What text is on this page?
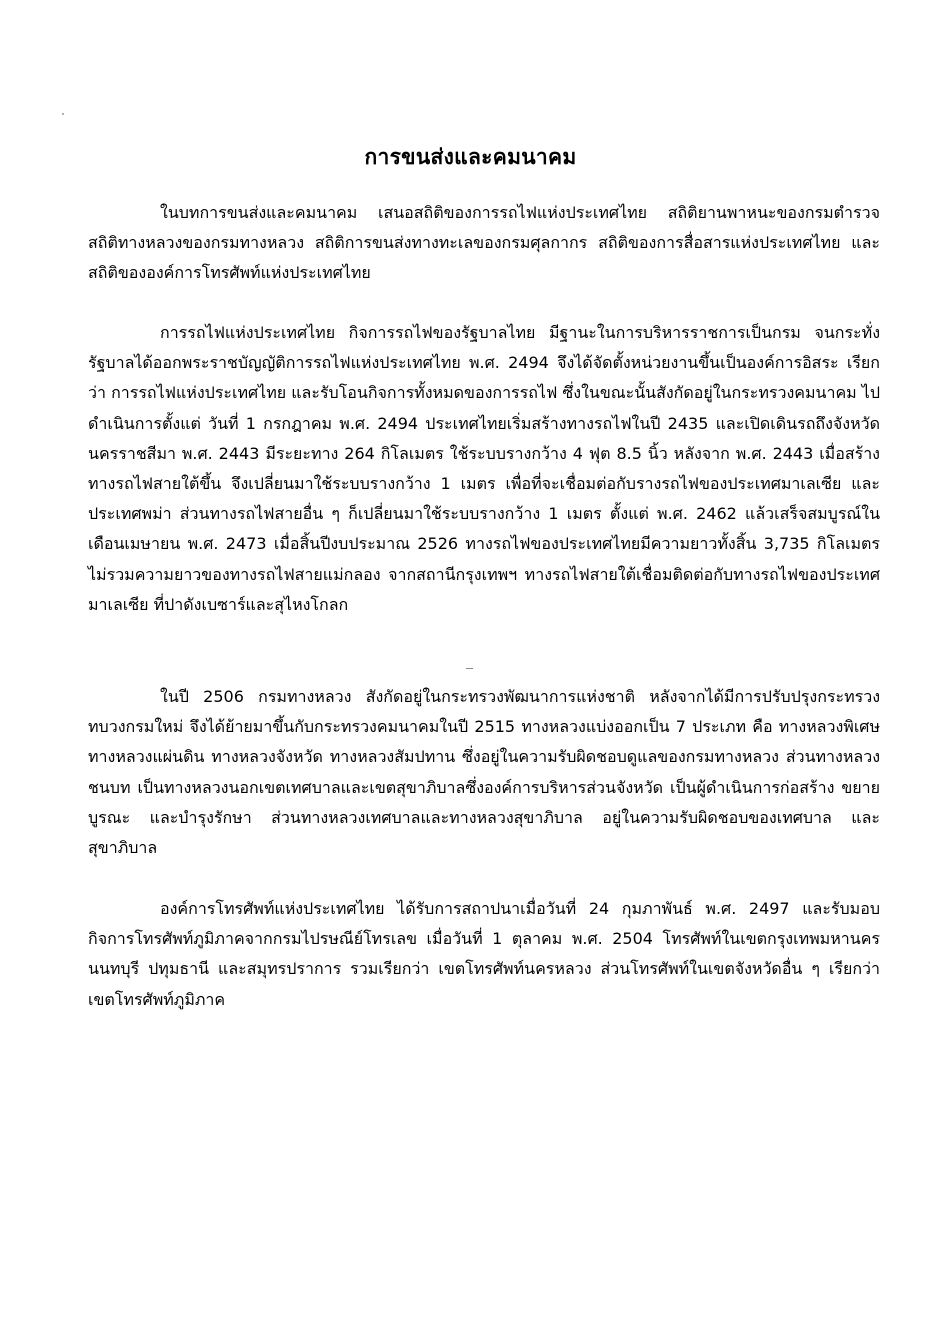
การขนส่งและคมนาคม

ในบทการขนส่งและคมนาคม เสนอสถิติของการรถไฟแห่งประเทศไทย สถิติยานพาหนะของกรมตำรวจ สถิติทางหลวงของกรมทางหลวง สถิติการขนส่งทางทะเลของกรมศุลกากร สถิติของการสื่อสารแห่งประเทศไทย และสถิติขององค์การโทรศัพท์แห่งประเทศไทย

การรถไฟแห่งประเทศไทย กิจการรถไฟของรัฐบาลไทย มีฐานะในการบริหารราชการเป็นกรม จนกระทั่ง รัฐบาลได้ออกพระราชบัญญัติการรถไฟแห่งประเทศไทย พ.ศ. 2494 จึงได้จัดตั้งหน่วยงานขึ้นเป็นองค์การอิสระ เรียกว่า การรถไฟแห่งประเทศไทย และรับโอนกิจการทั้งหมดของการรถไฟ ซึ่งในขณะนั้นสังกัดอยู่ในกระทรวงคมนาคม ไปดำเนินการตั้งแต่ วันที่ 1 กรกฎาคม พ.ศ. 2494 ประเทศไทยเริ่มสร้างทางรถไฟในปี 2435 และเปิดเดินรถถึงจังหวัดนครราชสีมา พ.ศ. 2443 มีระยะทาง 264 กิโลเมตร ใช้ระบบรางกว้าง 4 ฟุต 8.5 นิ้ว หลังจาก พ.ศ. 2443 เมื่อสร้างทางรถไฟสายใต้ขึ้น จึงเปลี่ยนมาใช้ระบบรางกว้าง 1 เมตร เพื่อที่จะเชื่อมต่อกับรางรถไฟของประเทศมาเลเซีย และประเทศพม่า ส่วนทางรถไฟสายอื่น ๆ ก็เปลี่ยนมาใช้ระบบรางกว้าง 1 เมตร ตั้งแต่ พ.ศ. 2462 แล้วเสร็จสมบูรณ์ในเดือนเมษายน พ.ศ. 2473 เมื่อสิ้นปีงบประมาณ 2526 ทางรถไฟของประเทศไทยมีความยาวทั้งสิ้น 3,735 กิโลเมตร ไม่รวมความยาวของทางรถไฟสายแม่กลอง จากสถานีกรุงเทพฯ ทางรถไฟสายใต้เชื่อมติดต่อกับทางรถไฟของประเทศมาเลเซีย ที่ปาดังเบซาร์และสุไหงโกลก

ในปี 2506 กรมทางหลวง สังกัดอยู่ในกระทรวงพัฒนาการแห่งชาติ หลังจากได้มีการปรับปรุงกระทรวงทบวงกรมใหม่ จึงได้ย้ายมาขึ้นกับกระทรวงคมนาคมในปี 2515 ทางหลวงแบ่งออกเป็น 7 ประเภท คือ ทางหลวงพิเศษ ทางหลวงแผ่นดิน ทางหลวงจังหวัด ทางหลวงสัมปทาน ซึ่งอยู่ในความรับผิดชอบดูแลของกรมทางหลวง ส่วนทางหลวงชนบท เป็นทางหลวงนอกเขตเทศบาลและเขตสุขาภิบาลซึ่งองค์การบริหารส่วนจังหวัด เป็นผู้ดำเนินการก่อสร้าง ขยาย บูรณะ และบำรุงรักษา ส่วนทางหลวงเทศบาลและทางหลวงสุขาภิบาล อยู่ในความรับผิดชอบของเทศบาล และสุขาภิบาล

องค์การโทรศัพท์แห่งประเทศไทย ได้รับการสถาปนาเมื่อวันที่ 24 กุมภาพันธ์ พ.ศ. 2497 และรับมอบกิจการโทรศัพท์ภูมิภาคจากกรมไปรษณีย์โทรเลข เมื่อวันที่ 1 ตุลาคม พ.ศ. 2504 โทรศัพท์ในเขตกรุงเทพมหานคร นนทบุรี ปทุมธานี และสมุทรปราการ รวมเรียกว่า เขตโทรศัพท์นครหลวง ส่วนโทรศัพท์ในเขตจังหวัดอื่น ๆ เรียกว่า เขตโทรศัพท์ภูมิภาค
